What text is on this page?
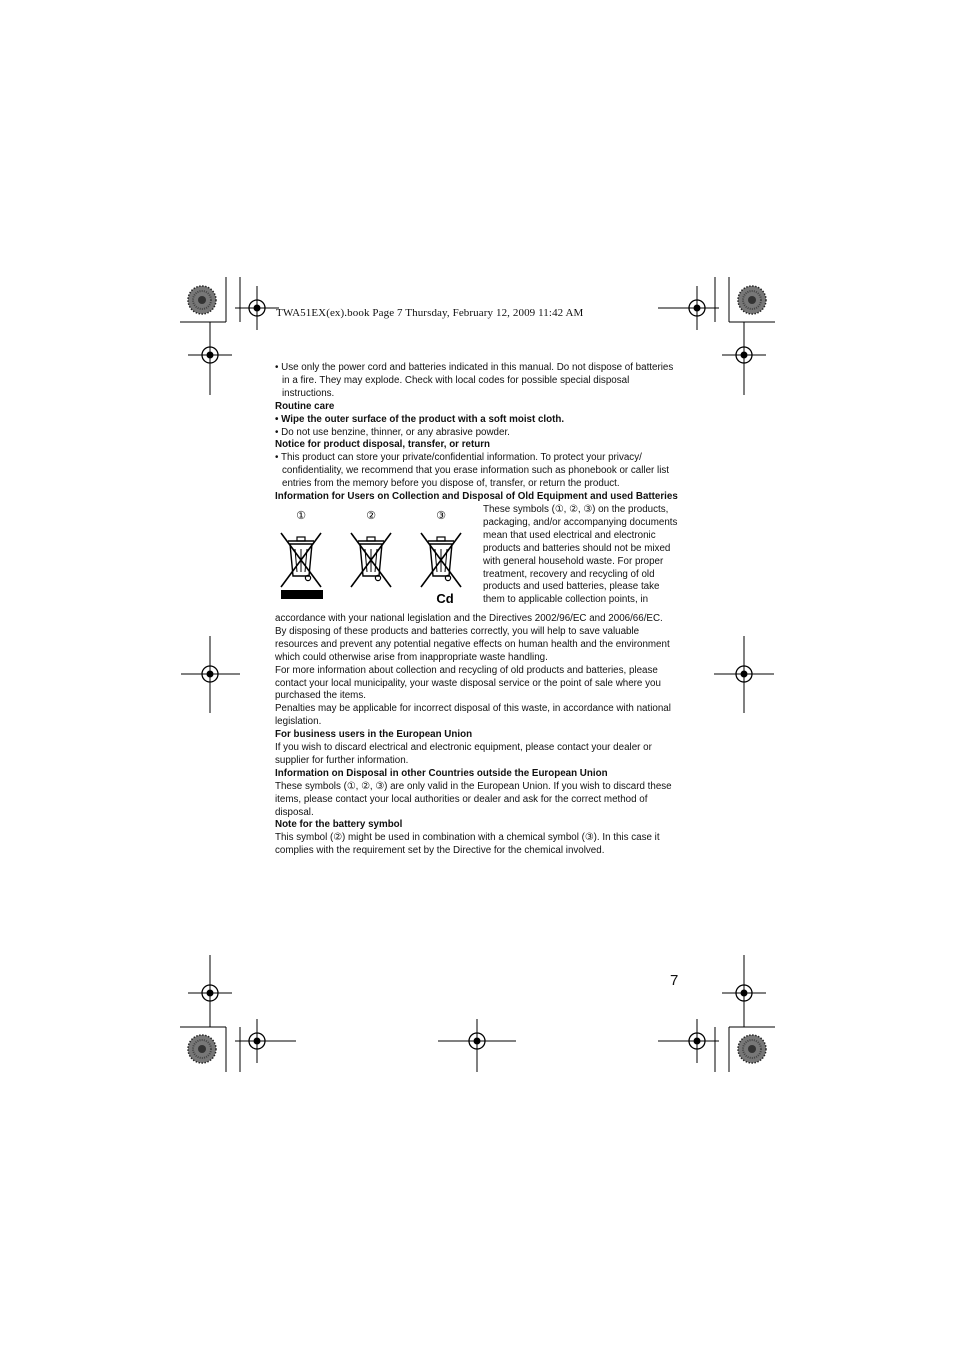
TWA51EX(ex).book Page 7 Thursday, February 12, 2009 11:42 AM

• Use only the power cord and batteries indicated in this manual. Do not dispose of batteries in a fire. They may explode. Check with local codes for possible special disposal instructions.

Routine care

• Wipe the outer surface of the product with a soft moist cloth.

• Do not use benzine, thinner, or any abrasive powder.

Notice for product disposal, transfer, or return

• This product can store your private/confidential information. To protect your privacy/ confidentiality, we recommend that you erase information such as phonebook or caller list entries from the memory before you dispose of, transfer, or return the product.

Information for Users on Collection and Disposal of Old Equipment and used Batteries

①	②	③
Cd

These symbols (①, ②, ③) on the products, packaging, and/or accompanying documents mean that used electrical and electronic products and batteries should not be mixed with general household waste. For proper treatment, recovery and recycling of old products and used batteries, please take them to applicable collection points, in

accordance with your national legislation and the Directives 2002/96/EC and 2006/66/EC.

By disposing of these products and batteries correctly, you will help to save valuable resources and prevent any potential negative effects on human health and the environment which could otherwise arise from inappropriate waste handling.

For more information about collection and recycling of old products and batteries, please contact your local municipality, your waste disposal service or the point of sale where you purchased the items.

Penalties may be applicable for incorrect disposal of this waste, in accordance with national legislation.

For business users in the European Union

If you wish to discard electrical and electronic equipment, please contact your dealer or supplier for further information.

Information on Disposal in other Countries outside the European Union

These symbols (①, ②, ③) are only valid in the European Union. If you wish to discard these items, please contact your local authorities or dealer and ask for the correct method of disposal.

Note for the battery symbol

This symbol (②) might be used in combination with a chemical symbol (③). In this case it complies with the requirement set by the Directive for the chemical involved.

7
